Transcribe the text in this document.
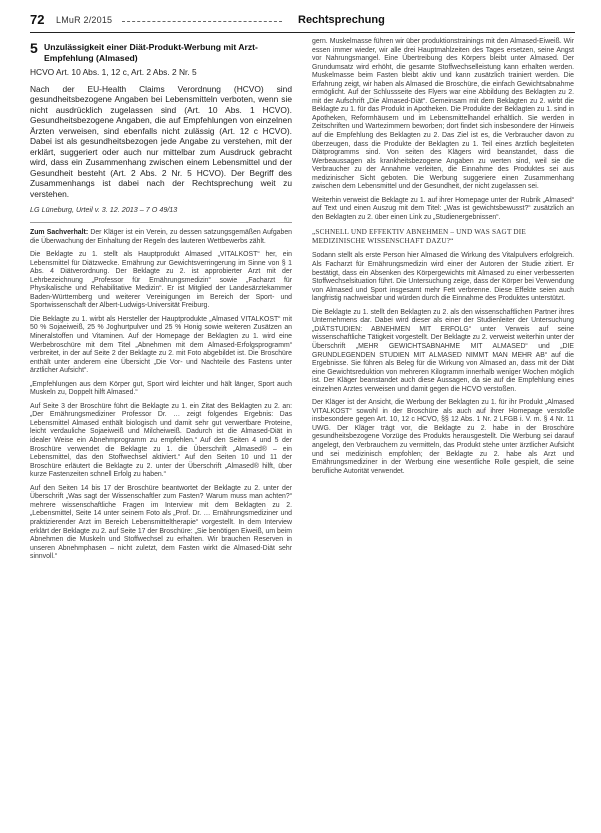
72 LMuR 2/2015	Rechtsprechung
5 Unzulässigkeit einer Diät-Produkt-Werbung mit Arzt-Empfehlung (Almased)

HCVO Art. 10 Abs. 1, 12 c, Art. 2 Abs. 2 Nr. 5

Nach der EU-Health Claims Verordnung (HCVO) sind gesundheitsbezogene Angaben bei Lebensmitteln verboten, wenn sie nicht ausdrücklich zugelassen sind (Art. 10 Abs. 1 HCVO). Gesundheitsbezogene Angaben, die auf Empfehlungen von einzelnen Ärzten verweisen, sind ebenfalls nicht zulässig (Art. 12 c HCVO). Dabei ist als gesundheitsbezogen jede Angabe zu verstehen, mit der erklärt, suggeriert oder auch nur mittelbar zum Ausdruck gebracht wird, dass ein Zusammenhang zwischen einem Lebensmittel und der Gesundheit besteht (Art. 2 Abs. 2 Nr. 5 HCVO). Der Begriff des Zusammenhangs ist dabei nach der Rechtsprechung weit zu verstehen.

LG Lüneburg, Urteil v. 3. 12. 2013 – 7 O 49/13

Zum Sachverhalt: Der Kläger ist ein Verein, zu dessen satzungsgemäßen Aufgaben die Überwachung der Einhaltung der Regeln des lauteren Wettbewerbs zählt.

Die Beklagte zu 1. stellt als Hauptprodukt Almased „VITALKOST“ her, ein Lebensmittel für Diätzwecke. Ernährung zur Gewichtsverringerung im Sinne von § 1 Abs. 4 Diätverordnung. Der Beklagte zu 2. ist approbierter Arzt mit der Lehrbezeichnung „Professor für Ernährungsmedizin“ sowie „Facharzt für Physikalische und Rehabilitative Medizin“. Er ist Mitglied der Landesärztekammer Baden-Württemberg und weiterer Vereinigungen im Bereich der Sport- und Sportwissenschaft der Albert-Ludwigs-Universität Freiburg.

Die Beklagte zu 1. wirbt als Hersteller der Hauptprodukte „Almased VITALKOST“ mit 50 % Sojaeiweiß, 25 % Joghurtpulver und 25 % Honig sowie weiteren Zusätzen an Mineralstoffen und Vitaminen. Auf der Homepage der Beklagten zu 1. wird eine Werbebroschüre mit dem Titel „Abnehmen mit dem Almased-Erfolgsprogramm“ verbreitet, in der auf Seite 2 der Beklagte zu 2. mit Foto abgebildet ist. Die Broschüre enthält unter anderem eine Übersicht „Die Vor- und Nachteile des Fastens unter ärztlicher Aufsicht“.

„Empfehlungen aus dem Körper gut, Sport wird leichter und hält länger, Sport auch Muskeln zu, Doppelt hilft Almased.“

Auf Seite 3 der Broschüre führt die Beklagte zu 1. ein Zitat des Beklagten zu 2. an: „Der Ernährungsmediziner Professor Dr. … zeigt folgendes Ergebnis: Das Lebensmittel Almased enthält biologisch und damit sehr gut verwertbare Proteine, leicht verdauliche Sojaeiweiß und Milcheiweiß. Dadurch ist die Almased-Diät in idealer Weise ein Abnehmprogramm zu empfehlen.“ Auf den Seiten 4 und 5 der Broschüre verwendet die Beklagte zu 1. die Überschrift „Almased® – ein Lebensmittel, das den Stoffwechsel aktiviert.“ Auf den Seiten 10 und 11 der Broschüre erläutert die Beklagte zu 2. unter der Überschrift „Almased® hilft, über kurze Fastenzeiten schnell Erfolg zu haben.“

Auf den Seiten 14 bis 17 der Broschüre beantwortet der Beklagte zu 2. unter der Überschrift „Was sagt der Wissenschaftler zum Fasten? Warum muss man achten?“ mehrere wissenschaftliche Fragen im Interview mit dem Beklagten zu 2. „Lebensmittel, Seite 14 unter seinem Foto als „Prof. Dr. … Ernährungsmediziner und praktizierender Arzt im Bereich Lebensmitteltherapie“ vorgestellt. In dem Interview erklärt der Beklagte zu 2. auf Seite 17 der Broschüre: „Sie benötigen Eiweiß, um beim Abnehmen die Muskeln und Stoffwechsel zu erhalten. Wir brauchen Reserven in unseren Abnehmphasen – nicht zuletzt, dem Fasten wirkt die Almased-Diät sehr sinnvoll.“

gern. Muskelmasse führen wir über produktionstrainings mit den Almased-Eiweiß. Wir essen immer wieder, wir alle drei Hauptmahlzeiten des Tages ersetzen, seine Angst vor Nahrungsmangel. Eine Übertreibung des Körpers bleibt unter Almased. Der Grundumsatz wird erhöht, die gesamte Stoffwechselleistung kann erhalten werden. Muskelmasse beim Fasten bleibt aktiv und kann zusätzlich trainiert werden. Die Erfahrung zeigt, wir haben als Almased die Broschüre, die einfach Gewichtsabnahme ermöglicht. Auf der Schlussseite des Flyers war eine Abbildung des Beklagten zu 2. mit der Aufschrift „Die Almased-Diät“. Gemeinsam mit dem Beklagten zu 2. wirbt die Beklagte zu 1. für das Produkt in Apotheken. Die Produkte der Beklagten zu 1. sind in Apotheken, Reformhäusern und im Lebensmittelhandel erhältlich. Sie werden in Zeitschriften und Wartezimmern beworben; dort findet sich insbesondere der Hinweis auf die Empfehlung des Beklagten zu 2. Das Ziel ist es, die Verbraucher davon zu überzeugen, dass die Produkte der Beklagten zu 1. Teil eines ärztlich begleiteten Diätprogramms sind. Von seiten des Klägers wird beanstandet, dass die Werbeaussagen als krankheitsbezogene Angaben zu werten sind, weil sie die Verbraucher zu der Annahme verleiten, die Einnahme des Produktes sei aus medizinischer Sicht geboten. Die Werbung suggeriere einen Zusammenhang zwischen dem Lebensmittel und der Gesundheit, der nicht zugelassen sei.

Weiterhin verweist die Beklagte zu 1. auf ihrer Homepage unter der Rubrik „Almased“ auf Text und einen Auszug mit dem Titel: „Was ist gewichtsbewusst?“ zusätzlich an den Beklagten zu 2. über einen Link zu „Studienergebnissen“.

„SCHNELL UND EFFEKTIV ABNEHMEN – UND WAS SAGT DIE MEDIZINISCHE WISSENSCHAFT DAZU?“

Sodann stellt als erste Person hier Almased die Wirkung des Vitalpulvers erfolgreich. Als Facharzt für Ernährungsmedizin wird einer der Autoren der Studie zitiert. Er bestätigt, dass ein Absenken des Körpergewichts mit Almased zu einer verbesserten Stoffwechselsituation führt. Die Untersuchung zeige, dass der Körper bei Verwendung von Almased und Sport insgesamt mehr Fett verbrenne. Diese Effekte seien auch langfristig nachweisbar und würden durch die Einnahme des Produktes unterstützt.

Die Beklagte zu 1. stellt den Beklagten zu 2. als den wissenschaftlichen Partner ihres Unternehmens dar. Dabei wird dieser als einer der Studienleiter der Untersuchung „DIÄTSTUDIEN: ABNEHMEN MIT ERFOLG“ unter Verweis auf seine wissenschaftliche Tätigkeit vorgestellt. Der Beklagte zu 2. verweist weiterhin unter der Überschrift „MEHR GEWICHTSABNAHME MIT ALMASED“ und „DIE GRUNDLEGENDEN STUDIEN MIT ALMASED NIMMT MAN MEHR AB“ auf die Ergebnisse. Sie führen als Beleg für die Wirkung von Almased an, dass mit der Diät eine Gewichtsreduktion von mehreren Kilogramm innerhalb weniger Wochen möglich ist. Der Kläger beanstandet auch diese Aussagen, da sie auf die Empfehlung eines einzelnen Arztes verweisen und damit gegen die HCVO verstoßen.

Der Kläger ist der Ansicht, die Werbung der Beklagten zu 1. für ihr Produkt „Almased VITALKOST“ sowohl in der Broschüre als auch auf ihrer Homepage verstoße insbesondere gegen Art. 10, 12 c HCVO, §§ 12 Abs. 1 Nr. 2 LFGB i. V. m. § 4 Nr. 11 UWG. Der Kläger trägt vor, die Beklagte zu 2. habe in der Broschüre gesundheitsbezogene Vorzüge des Produkts herausgestellt. Die Werbung sei darauf angelegt, den Verbrauchern zu vermitteln, das Produkt stehe unter ärztlicher Aufsicht und sei medizinisch empfohlen; der Beklagte zu 2. habe als Arzt und Ernährungsmediziner in der Werbung eine wesentliche Rolle gespielt, die seine berufliche Autorität verwendet.
